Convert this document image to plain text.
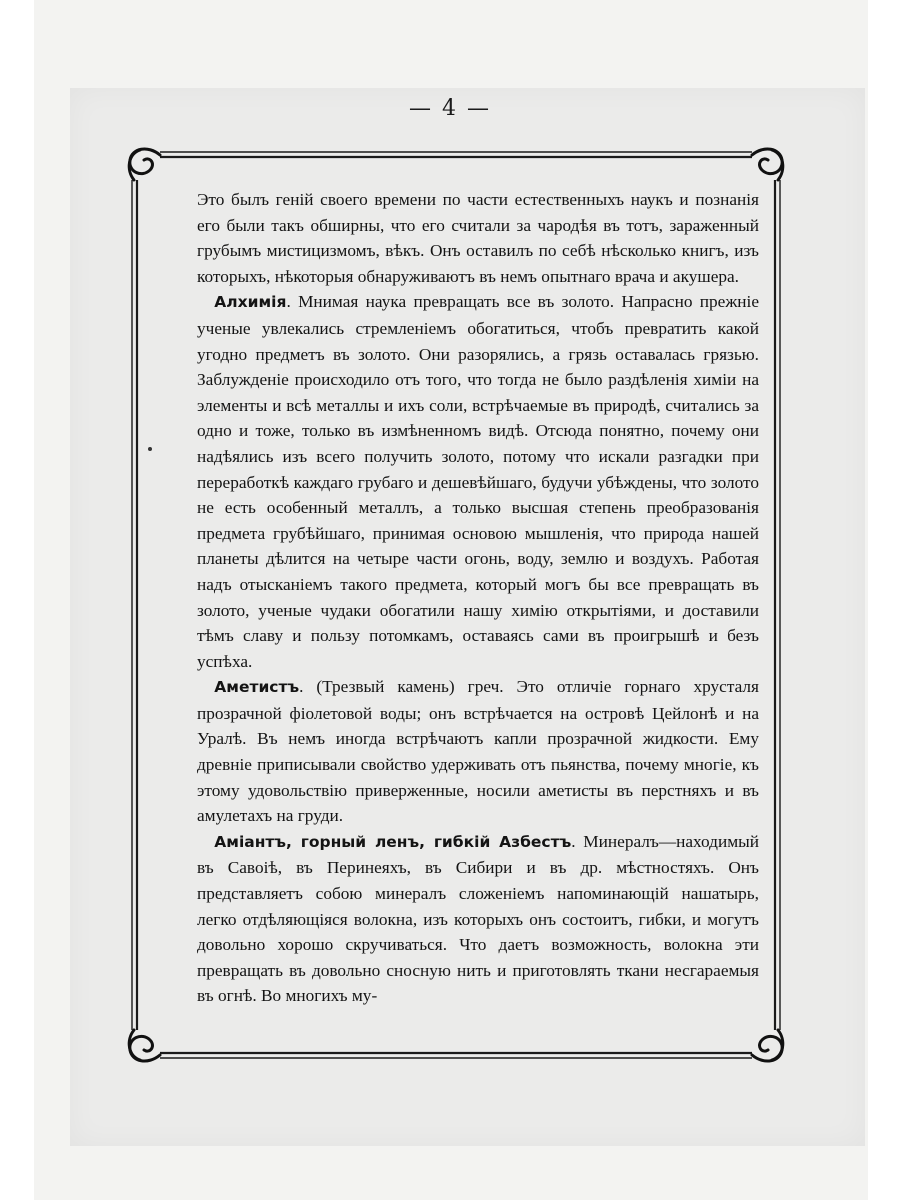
— 4 —

Это былъ геній своего времени по части естественныхъ наукъ и познанія его были такъ обширны, что его считали за чародѣя въ тотъ, зараженный грубымъ мистицизмомъ, вѣкъ. Онъ оставилъ по себѣ нѣсколько книгъ, изъ которыхъ, нѣкоторыя обнаруживаютъ въ немъ опытнаго врача и акушера.

 Алхимія. Мнимая наука превращать все въ золото. Напрасно прежніе ученые увлекались стремленіемъ обогатиться, чтобъ превратить какой угодно предметъ въ золото. Они разорялись, а грязь оставалась грязью. Заблужденіе происходило отъ того, что тогда не было раздѣленія химіи на элементы и всѣ металлы и ихъ соли, встрѣчаемые въ природѣ, считались за одно и тоже, только въ измѣненномъ видѣ. Отсюда понятно, почему они надѣялись изъ всего получить золото, потому что искали разгадки при переработкѣ каждаго грубаго и дешевѣйшаго, будучи убѣждены, что золото не есть особенный металлъ, а только высшая степень преобразованія предмета грубѣйшаго, принимая основою мышленія, что природа нашей планеты дѣлится на четыре части огонь, воду, землю и воздухъ. Работая надъ отысканіемъ такого предмета, который могъ бы все превращать въ золото, ученые чудаки обогатили нашу химію открытіями, и доставили тѣмъ славу и пользу потомкамъ, оставаясь сами въ проигрышѣ и безъ успѣха.

 Аметистъ. (Трезвый камень) греч. Это отличіе горнаго хрусталя прозрачной фіолетовой воды; онъ встрѣчается на островѣ Цейлонѣ и на Уралѣ. Въ немъ иногда встрѣчаютъ капли прозрачной жидкости. Ему древніе приписывали свойство удерживать отъ пьянства, почему многіе, къ этому удовольствію приверженные, носили аметисты въ перстняхъ и въ амулетахъ на груди.

 Аміантъ, горный ленъ, гибкій Азбестъ. Минералъ—находимый въ Савоіѣ, въ Перинеяхъ, въ Сибири и въ др. мѣстностяхъ. Онъ представляетъ собою минералъ сложеніемъ напоминающій нашатырь, легко отдѣляющіяся волокна, изъ которыхъ онъ состоитъ, гибки, и могутъ довольно хорошо скручиваться. Что даетъ возможность, волокна эти превращать въ довольно сносную нить и приготовлять ткани несгараемыя въ огнѣ. Во многихъ му-
